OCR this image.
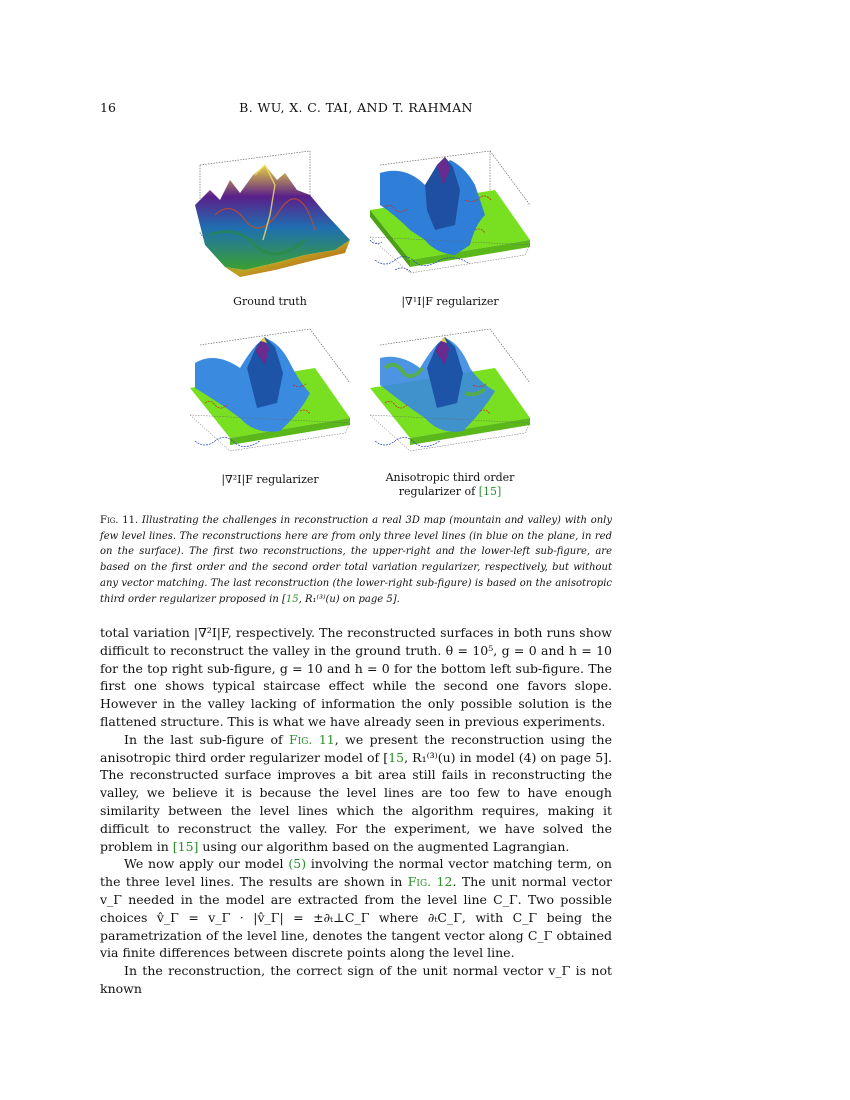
16	B. WU, X. C. TAI, AND T. RAHMAN
Ground truth	|∇¹I|F regularizer
|∇²I|F regularizer	Anisotropic third order
regularizer of [15]
Fig. 11. Illustrating the challenges in reconstruction a real 3D map (mountain and valley) with only few level lines. The reconstructions here are from only three level lines (in blue on the plane, in red on the surface). The first two reconstructions, the upper-right and the lower-left sub-figure, are based on the first order and the second order total variation regularizer, respectively, but without any vector matching. The last reconstruction (the lower-right sub-figure) is based on the anisotropic third order regularizer proposed in [15, R₁⁽³⁾(u) on page 5].

total variation |∇²I|F, respectively. The reconstructed surfaces in both runs show difficult to reconstruct the valley in the ground truth. θ = 10⁵, g = 0 and h = 10 for the top right sub-figure, g = 10 and h = 0 for the bottom left sub-figure. The first one shows typical staircase effect while the second one favors slope. However in the valley lacking of information the only possible solution is the flattened structure. This is what we have already seen in previous experiments.

In the last sub-figure of Fig. 11, we present the reconstruction using the anisotropic third order regularizer model of [15, R₁⁽³⁾(u) in model (4) on page 5]. The reconstructed surface improves a bit area still fails in reconstructing the valley, we believe it is because the level lines are too few to have enough similarity between the level lines which the algorithm requires, making it difficult to reconstruct the valley. For the experiment, we have solved the problem in [15] using our algorithm based on the augmented Lagrangian.

We now apply our model (5) involving the normal vector matching term, on the three level lines. The results are shown in Fig. 12. The unit normal vector v_Γ needed in the model are extracted from the level line C_Γ. Two possible choices v̂_Γ = v_Γ · |v̂_Γ| = ±∂ₜ⊥C_Γ where ∂ₜC_Γ, with C_Γ being the parametrization of the level line, denotes the tangent vector along C_Γ obtained via finite differences between discrete points along the level line.

In the reconstruction, the correct sign of the unit normal vector v_Γ is not known
